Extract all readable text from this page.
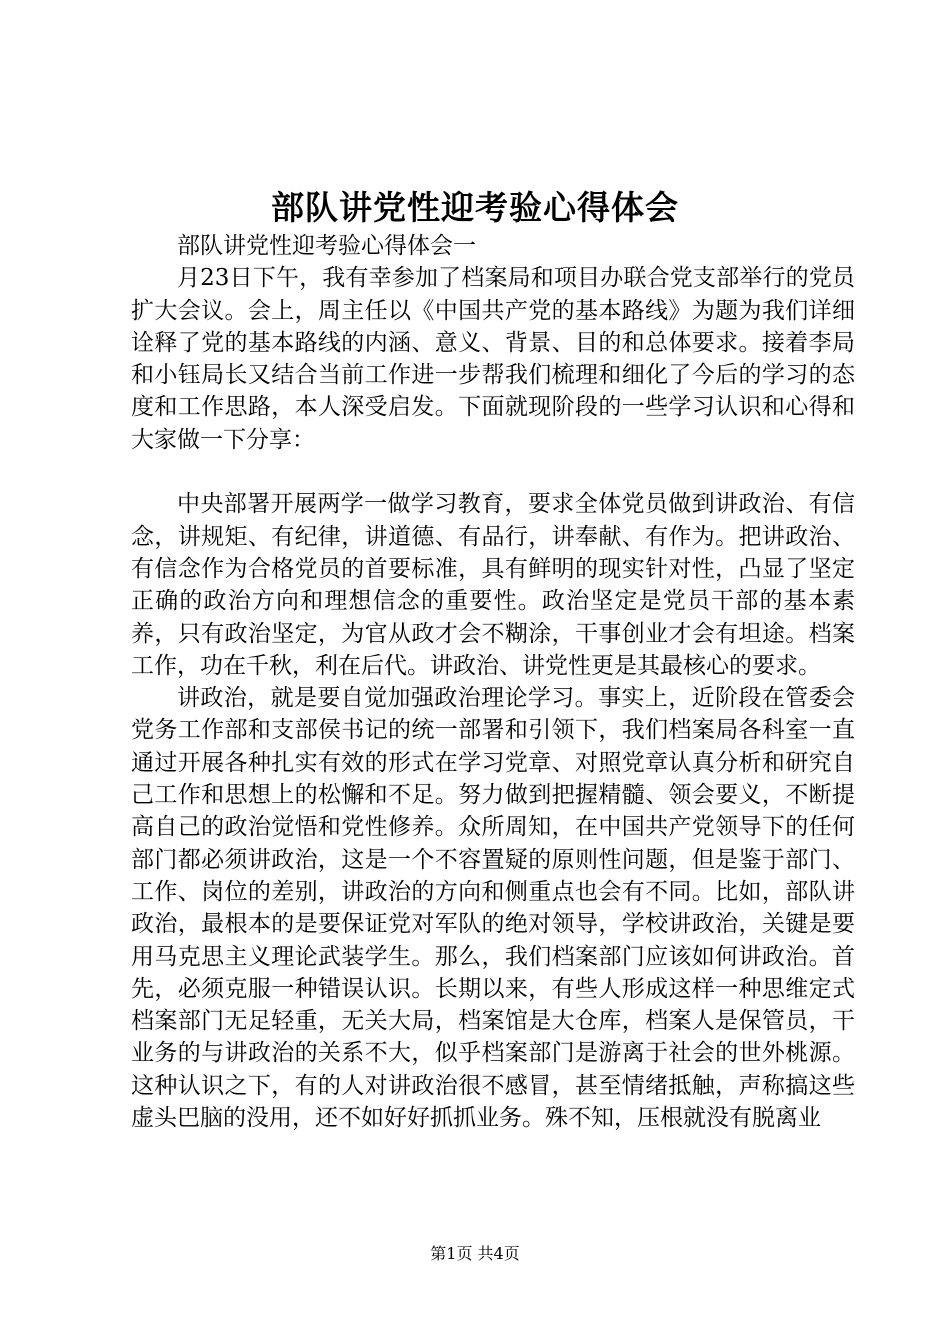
部队讲党性迎考验心得体会

部队讲党性迎考验心得体会一

月23日下午，我有幸参加了档案局和项目办联合党支部举行的党员扩大会议。会上，周主任以《中国共产党的基本路线》为题为我们详细诠释了党的基本路线的内涵、意义、背景、目的和总体要求。接着李局和小钰局长又结合当前工作进一步帮我们梳理和细化了今后的学习的态度和工作思路，本人深受启发。下面就现阶段的一些学习认识和心得和大家做一下分享：

中央部署开展两学一做学习教育，要求全体党员做到讲政治、有信念，讲规矩、有纪律，讲道德、有品行，讲奉献、有作为。把讲政治、有信念作为合格党员的首要标准，具有鲜明的现实针对性，凸显了坚定正确的政治方向和理想信念的重要性。政治坚定是党员干部的基本素养，只有政治坚定，为官从政才会不糊涂，干事创业才会有坦途。档案工作，功在千秋，利在后代。讲政治、讲党性更是其最核心的要求。

讲政治，就是要自觉加强政治理论学习。事实上，近阶段在管委会党务工作部和支部侯书记的统一部署和引领下，我们档案局各科室一直通过开展各种扎实有效的形式在学习党章、对照党章认真分析和研究自己工作和思想上的松懈和不足。努力做到把握精髓、领会要义，不断提高自己的政治觉悟和党性修养。众所周知，在中国共产党领导下的任何部门都必须讲政治，这是一个不容置疑的原则性问题，但是鉴于部门、工作、岗位的差别，讲政治的方向和侧重点也会有不同。比如，部队讲政治，最根本的是要保证党对军队的绝对领导，学校讲政治，关键是要用马克思主义理论武装学生。那么，我们档案部门应该如何讲政治。首先，必须克服一种错误认识。长期以来，有些人形成这样一种思维定式档案部门无足轻重，无关大局，档案馆是大仓库，档案人是保管员，干业务的与讲政治的关系不大，似乎档案部门是游离于社会的世外桃源。这种认识之下，有的人对讲政治很不感冒，甚至情绪抵触，声称搞这些虚头巴脑的没用，还不如好好抓抓业务。殊不知，压根就没有脱离业

第1页 共4页
